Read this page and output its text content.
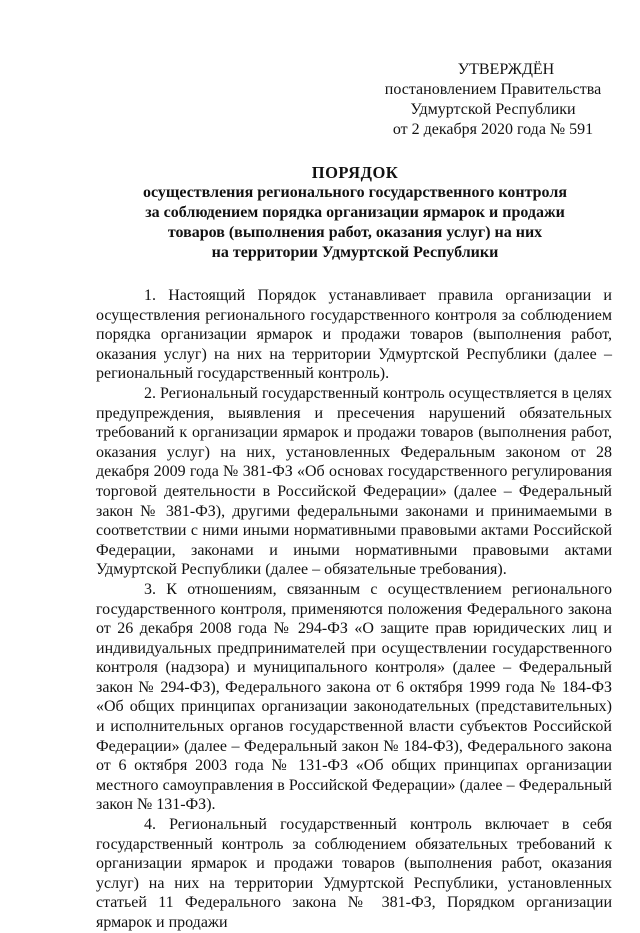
УТВЕРЖДЁН
постановлением Правительства
Удмуртской Республики
от 2 декабря 2020 года № 591
ПОРЯДОК
осуществления регионального государственного контроля
за соблюдением порядка организации ярмарок и продажи
товаров (выполнения работ, оказания услуг) на них
на территории Удмуртской Республики

1. Настоящий Порядок устанавливает правила организации и осуществления регионального государственного контроля за соблюдением порядка организации ярмарок и продажи товаров (выполнения работ, оказания услуг) на них на территории Удмуртской Республики (далее – региональный государственный контроль).

2. Региональный государственный контроль осуществляется в целях предупреждения, выявления и пресечения нарушений обязательных требований к организации ярмарок и продажи товаров (выполнения работ, оказания услуг) на них, установленных Федеральным законом от 28 декабря 2009 года № 381-ФЗ «Об основах государственного регулирования торговой деятельности в Российской Федерации» (далее – Федеральный закон № 381-ФЗ), другими федеральными законами и принимаемыми в соответствии с ними иными нормативными правовыми актами Российской Федерации, законами и иными нормативными правовыми актами Удмуртской Республики (далее – обязательные требования).

3. К отношениям, связанным с осуществлением регионального государственного контроля, применяются положения Федерального закона от 26 декабря 2008 года № 294-ФЗ «О защите прав юридических лиц и индивидуальных предпринимателей при осуществлении государственного контроля (надзора) и муниципального контроля» (далее – Федеральный закон № 294-ФЗ), Федерального закона от 6 октября 1999 года № 184-ФЗ «Об общих принципах организации законодательных (представительных) и исполнительных органов государственной власти субъектов Российской Федерации» (далее – Федеральный закон № 184-ФЗ), Федерального закона от 6 октября 2003 года № 131-ФЗ «Об общих принципах организации местного самоуправления в Российской Федерации» (далее – Федеральный закон № 131-ФЗ).

4. Региональный государственный контроль включает в себя государственный контроль за соблюдением обязательных требований к организации ярмарок и продажи товаров (выполнения работ, оказания услуг) на них на территории Удмуртской Республики, установленных статьей 11 Федерального закона № 381-ФЗ, Порядком организации ярмарок и продажи
